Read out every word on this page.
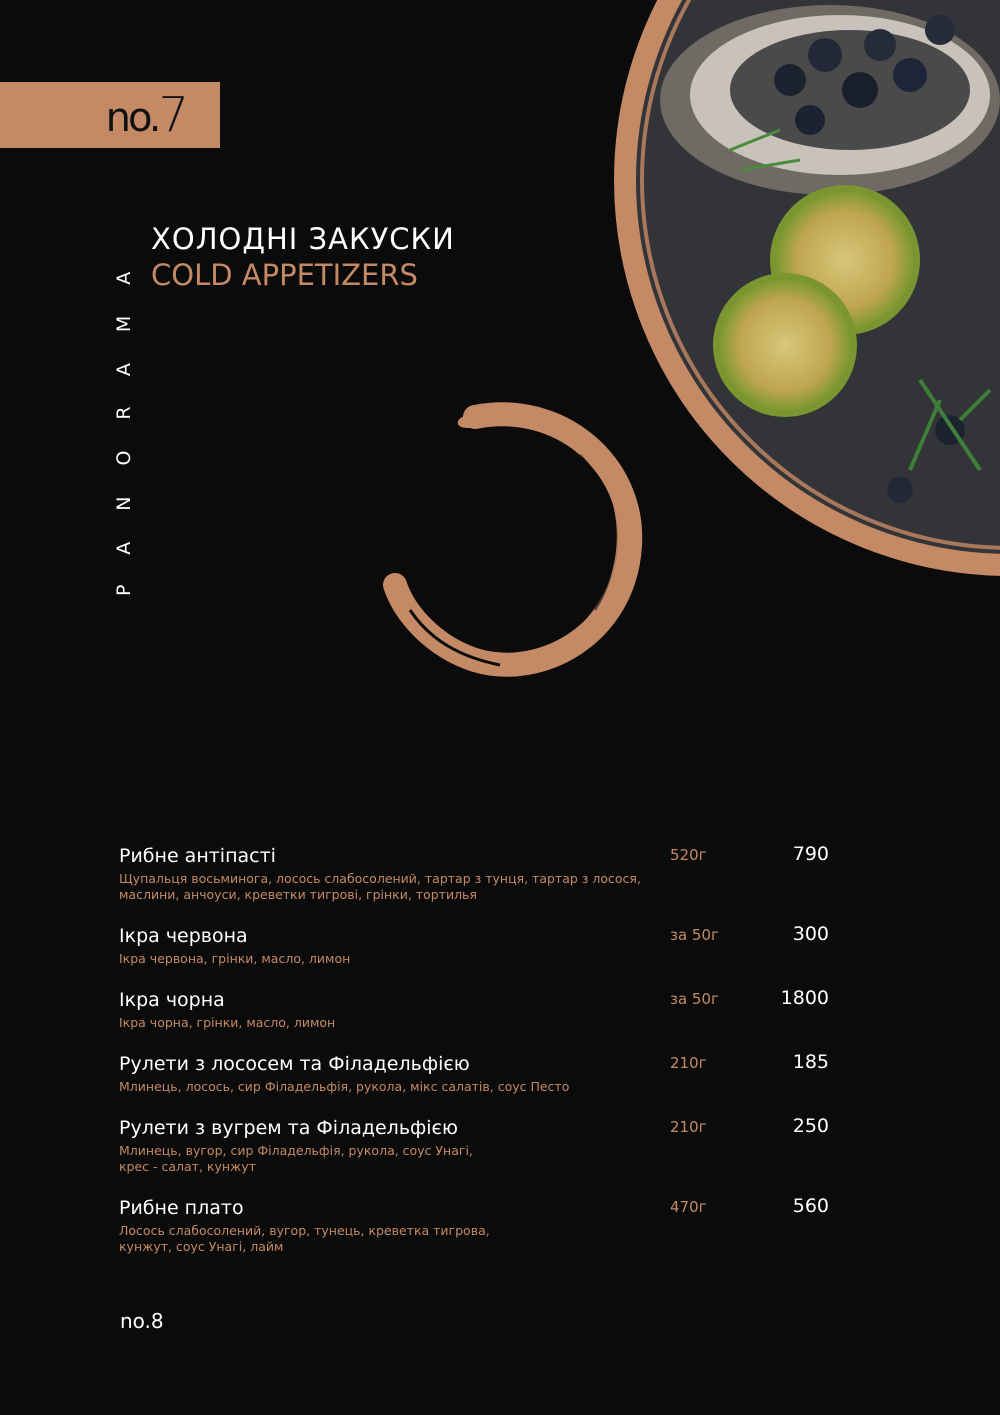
no.7
PANORAMA
ХОЛОДНІ ЗАКУСКИ
COLD APPETIZERS
Рибне антіпасті	520г	790
Щупальця восьминога, лосось слабосолений, тартар з тунця, тартар з лосося,
маслини, анчоуси, креветки тигрові, грінки, тортилья
Ікра червона	за 50г	300
Ікра червона, грінки, масло, лимон
Ікра чорна	за 50г	1800
Ікра чорна, грінки, масло, лимон
Рулети з лососем та Філадельфією	210г	185
Млинець, лосось, сир Філадельфія, рукола, мікс салатів, соус Песто
Рулети з вугрем та Філадельфією	210г	250
Млинець, вугор, сир Філадельфія, рукола, соус Унагі,
крес - салат, кунжут
Рибне плато	470г	560
Лосось слабосолений, вугор, тунець, креветка тигрова,
кунжут, соус Унагі, лайм
no.8
